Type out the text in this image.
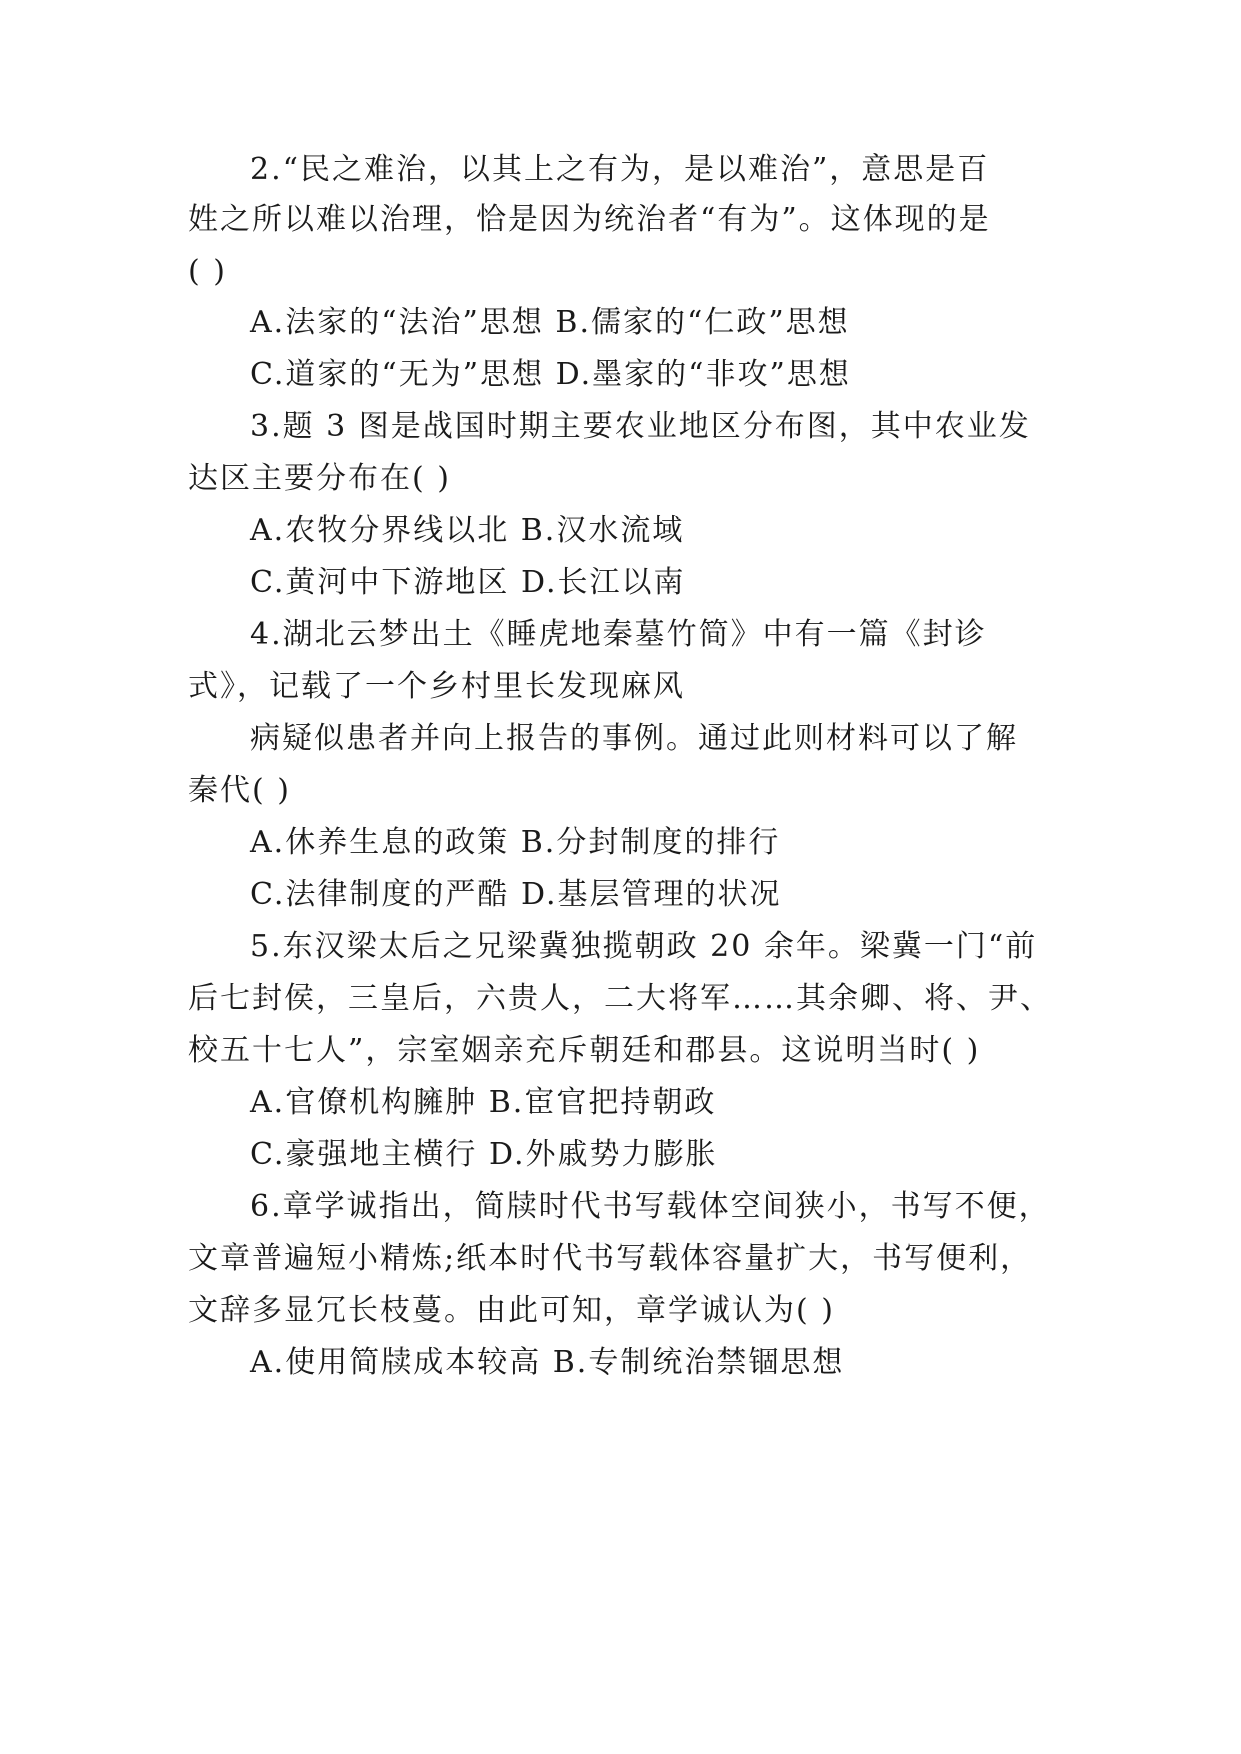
2.“民之难治，以其上之有为，是以难治”，意思是百
姓之所以难以治理，恰是因为统治者“有为”。这体现的是
( )
A.法家的“法治”思想 B.儒家的“仁政”思想
C.道家的“无为”思想 D.墨家的“非攻”思想
3.题 3 图是战国时期主要农业地区分布图，其中农业发
达区主要分布在( )
A.农牧分界线以北 B.汉水流域
C.黄河中下游地区 D.长江以南
4.湖北云梦出土《睡虎地秦墓竹简》中有一篇《封诊
式》，记载了一个乡村里长发现麻风
病疑似患者并向上报告的事例。通过此则材料可以了解
秦代( )
A.休养生息的政策 B.分封制度的排行
C.法律制度的严酷 D.基层管理的状况
5.东汉梁太后之兄梁冀独揽朝政 20 余年。梁冀一门“前
后七封侯，三皇后，六贵人，二大将军……其余卿、将、尹、
校五十七人”，宗室姻亲充斥朝廷和郡县。这说明当时( )
A.官僚机构臃肿 B.宦官把持朝政
C.豪强地主横行 D.外戚势力膨胀
6.章学诚指出，简牍时代书写载体空间狭小，书写不便，
文章普遍短小精炼;纸本时代书写载体容量扩大，书写便利，
文辞多显冗长枝蔓。由此可知，章学诚认为( )
A.使用简牍成本较高 B.专制统治禁锢思想
